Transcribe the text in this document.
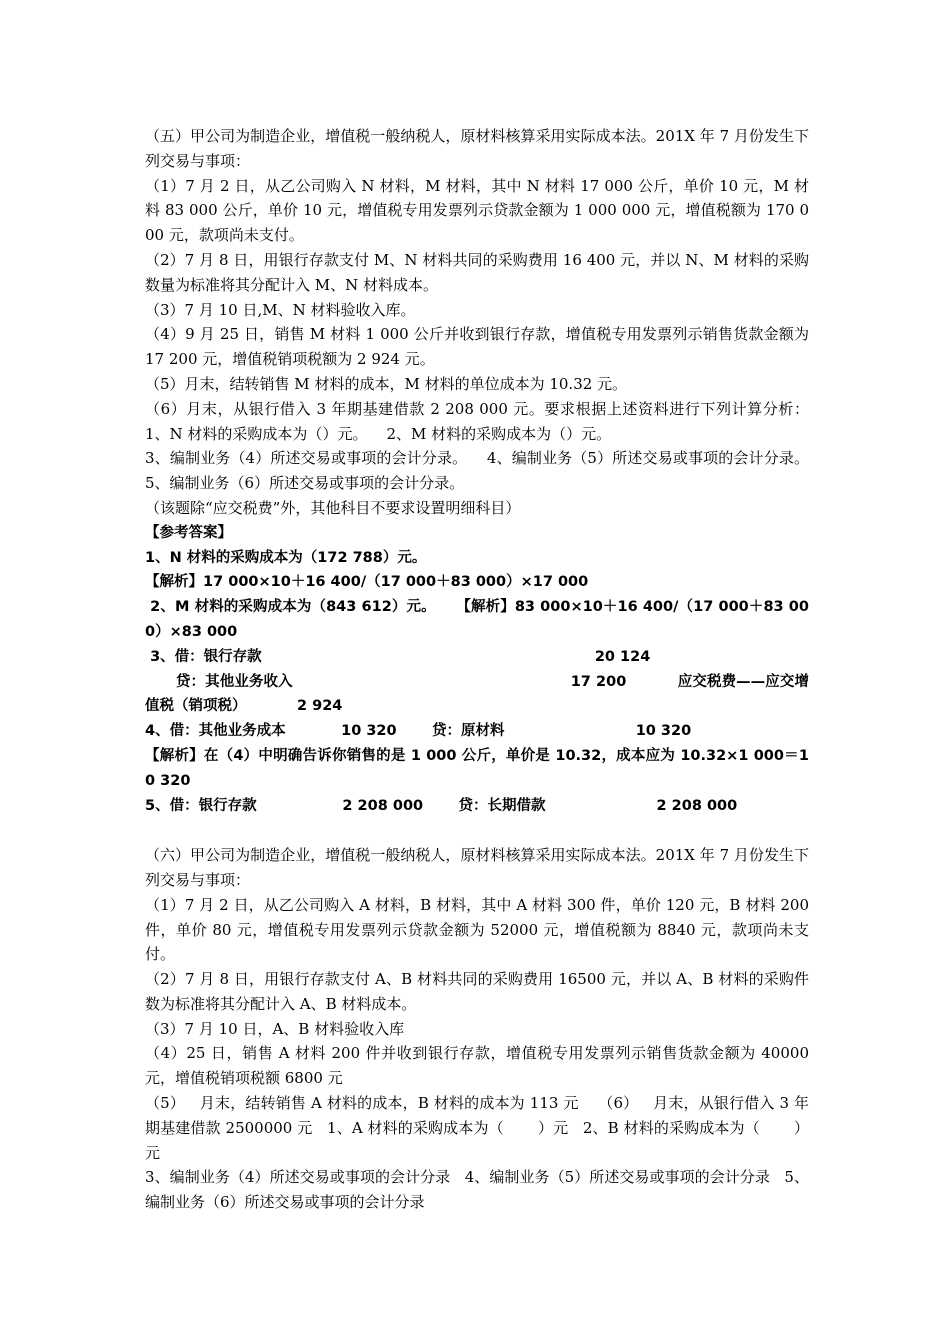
（五）甲公司为制造企业，增值税一般纳税人，原材料核算采用实际成本法。201X 年 7 月份发生下列交易与事项：

（1）7 月 2 日，从乙公司购入 N 材料，M 材料，其中 N 材料 17 000 公斤，单价 10 元，M 材料 83 000 公斤，单价 10 元，增值税专用发票列示贷款金额为 1 000 000 元，增值税额为 170 000 元，款项尚未支付。

（2）7 月 8 日，用银行存款支付 M、N 材料共同的采购费用 16 400 元，并以 N、M 材料的采购数量为标准将其分配计入 M、N 材料成本。

（3）7 月 10 日,M、N 材料验收入库。

（4）9 月 25 日，销售 M 材料 1 000 公斤并收到银行存款，增值税专用发票列示销售货款金额为 17 200 元，增值税销项税额为 2 924 元。

（5）月末，结转销售 M 材料的成本，M 材料的单位成本为 10.32 元。

（6）月末，从银行借入 3 年期基建借款 2 208 000 元。要求根据上述资料进行下列计算分析：    1、N 材料的采购成本为（）元。    2、M 材料的采购成本为（）元。

3、编制业务（4）所述交易或事项的会计分录。    4、编制业务（5）所述交易或事项的会计分录。    5、编制业务（6）所述交易或事项的会计分录。

（该题除“应交税费”外，其他科目不要求设置明细科目）

【参考答案】

1、N 材料的采购成本为（172 788）元。

【解析】17 000×10＋16 400/（17 000＋83 000）×17 000

2、M 材料的采购成本为（843 612）元。    【解析】83 000×10＋16 400/（17 000＋83 000）×83 000

3、借：银行存款                                                                  20 124

贷：其他业务收入                                                      17 200          应交税费——应交增值税（销项税）          2 924

4、借：其他业务成本           10 320       贷：原材料                          10 320

【解析】在（4）中明确告诉你销售的是 1 000 公斤，单价是 10.32，成本应为 10.32×1 000＝10 320

5、借：银行存款                 2 208 000       贷：长期借款                      2 208 000

（六）甲公司为制造企业，增值税一般纳税人，原材料核算采用实际成本法。201X 年 7 月份发生下列交易与事项：

（1）7 月 2 日，从乙公司购入 A 材料，B 材料，其中 A 材料 300 件，单价 120 元，B 材料 200 件，单价 80 元，增值税专用发票列示贷款金额为 52000 元，增值税额为 8840 元，款项尚未支付。

（2）7 月 8 日，用银行存款支付 A、B 材料共同的采购费用 16500 元，并以 A、B 材料的采购件数为标准将其分配计入 A、B 材料成本。

（3）7 月 10 日，A、B 材料验收入库

（4）25 日，销售 A 材料 200 件并收到银行存款，增值税专用发票列示销售货款金额为 40000 元，增值税销项税额 6800 元

（5）   月末，结转销售 A 材料的成本，B 材料的成本为 113 元    （6）   月末，从银行借入 3 年期基建借款 2500000 元   1、A 材料的采购成本为（       ）元   2、B 材料的采购成本为（       ）元

3、编制业务（4）所述交易或事项的会计分录   4、编制业务（5）所述交易或事项的会计分录   5、编制业务（6）所述交易或事项的会计分录
